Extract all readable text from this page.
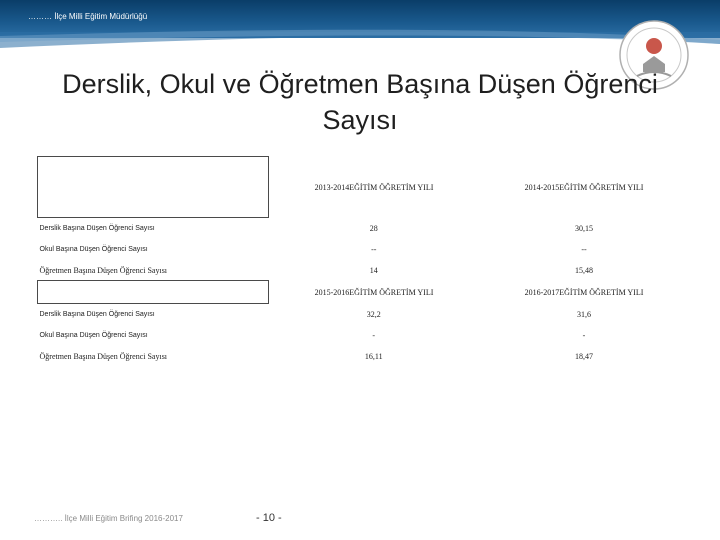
……… İlçe Milli Eğitim Müdürlüğü
Derslik, Okul ve Öğretmen Başına Düşen Öğrenci
Sayısı
	2013-2014EĞİTİM ÖĞRETİM YILI	2014-2015EĞİTİM ÖĞRETİM YILI
Derslik Başına Düşen Öğrenci Sayısı	28	30,15
Okul Başına Düşen Öğrenci Sayısı	--	--
Öğretmen Başına Düşen Öğrenci Sayısı	14	15,48
	2015-2016EĞİTİM ÖĞRETİM YILI	2016-2017EĞİTİM ÖĞRETİM YILI
Derslik Başına Düşen Öğrenci Sayısı	32,2	31,6
Okul Başına Düşen Öğrenci Sayısı	-	-
Öğretmen Başına Düşen Öğrenci Sayısı	16,11	18,47
……….. İlçe Milli Eğitim Brifing 2016-2017	- 10 -
